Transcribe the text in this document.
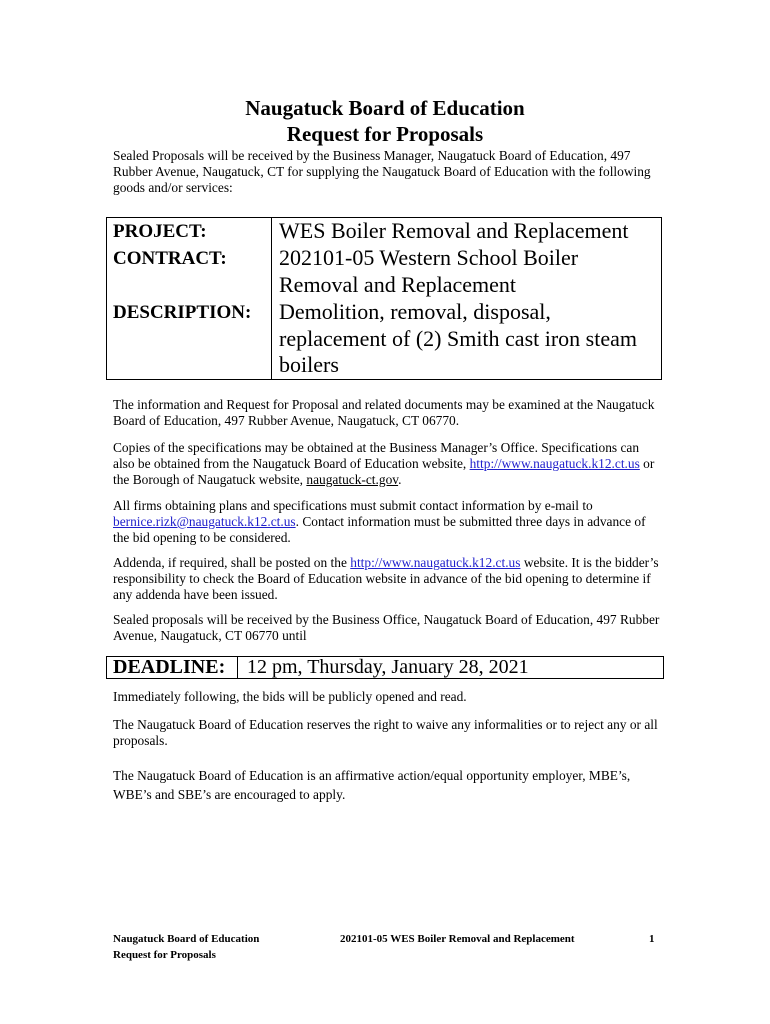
Naugatuck Board of Education
Request for Proposals
Sealed Proposals will be received by the Business Manager, Naugatuck Board of Education, 497 Rubber Avenue, Naugatuck, CT for supplying the Naugatuck Board of Education with the following goods and/or services:
PROJECT:	WES Boiler Removal and Replacement
CONTRACT: 202101-05 Western School Boiler Removal and Replacement
DESCRIPTION: Demolition, removal, disposal, replacement of (2) Smith cast iron steam boilers
The information and Request for Proposal and related documents may be examined at the Naugatuck Board of Education, 497 Rubber Avenue, Naugatuck, CT 06770.
Copies of the specifications may be obtained at the Business Manager’s Office. Specifications can also be obtained from the Naugatuck Board of Education website, http://www.naugatuck.k12.ct.us or the Borough of Naugatuck website, naugatuck-ct.gov.
All firms obtaining plans and specifications must submit contact information by e-mail to bernice.rizk@naugatuck.k12.ct.us. Contact information must be submitted three days in advance of the bid opening to be considered.
Addenda, if required, shall be posted on the http://www.naugatuck.k12.ct.us website. It is the bidder’s responsibility to check the Board of Education website in advance of the bid opening to determine if any addenda have been issued.
Sealed proposals will be received by the Business Office, Naugatuck Board of Education, 497 Rubber Avenue, Naugatuck, CT 06770 until
DEADLINE: 12 pm, Thursday, January 28, 2021
Immediately following, the bids will be publicly opened and read.
The Naugatuck Board of Education reserves the right to waive any informalities or to reject any or all proposals.
The Naugatuck Board of Education is an affirmative action/equal opportunity employer, MBE’s, WBE’s and SBE’s are encouraged to apply.
Naugatuck Board of Education
Request for Proposals
202101-05 WES Boiler Removal and Replacement	1
